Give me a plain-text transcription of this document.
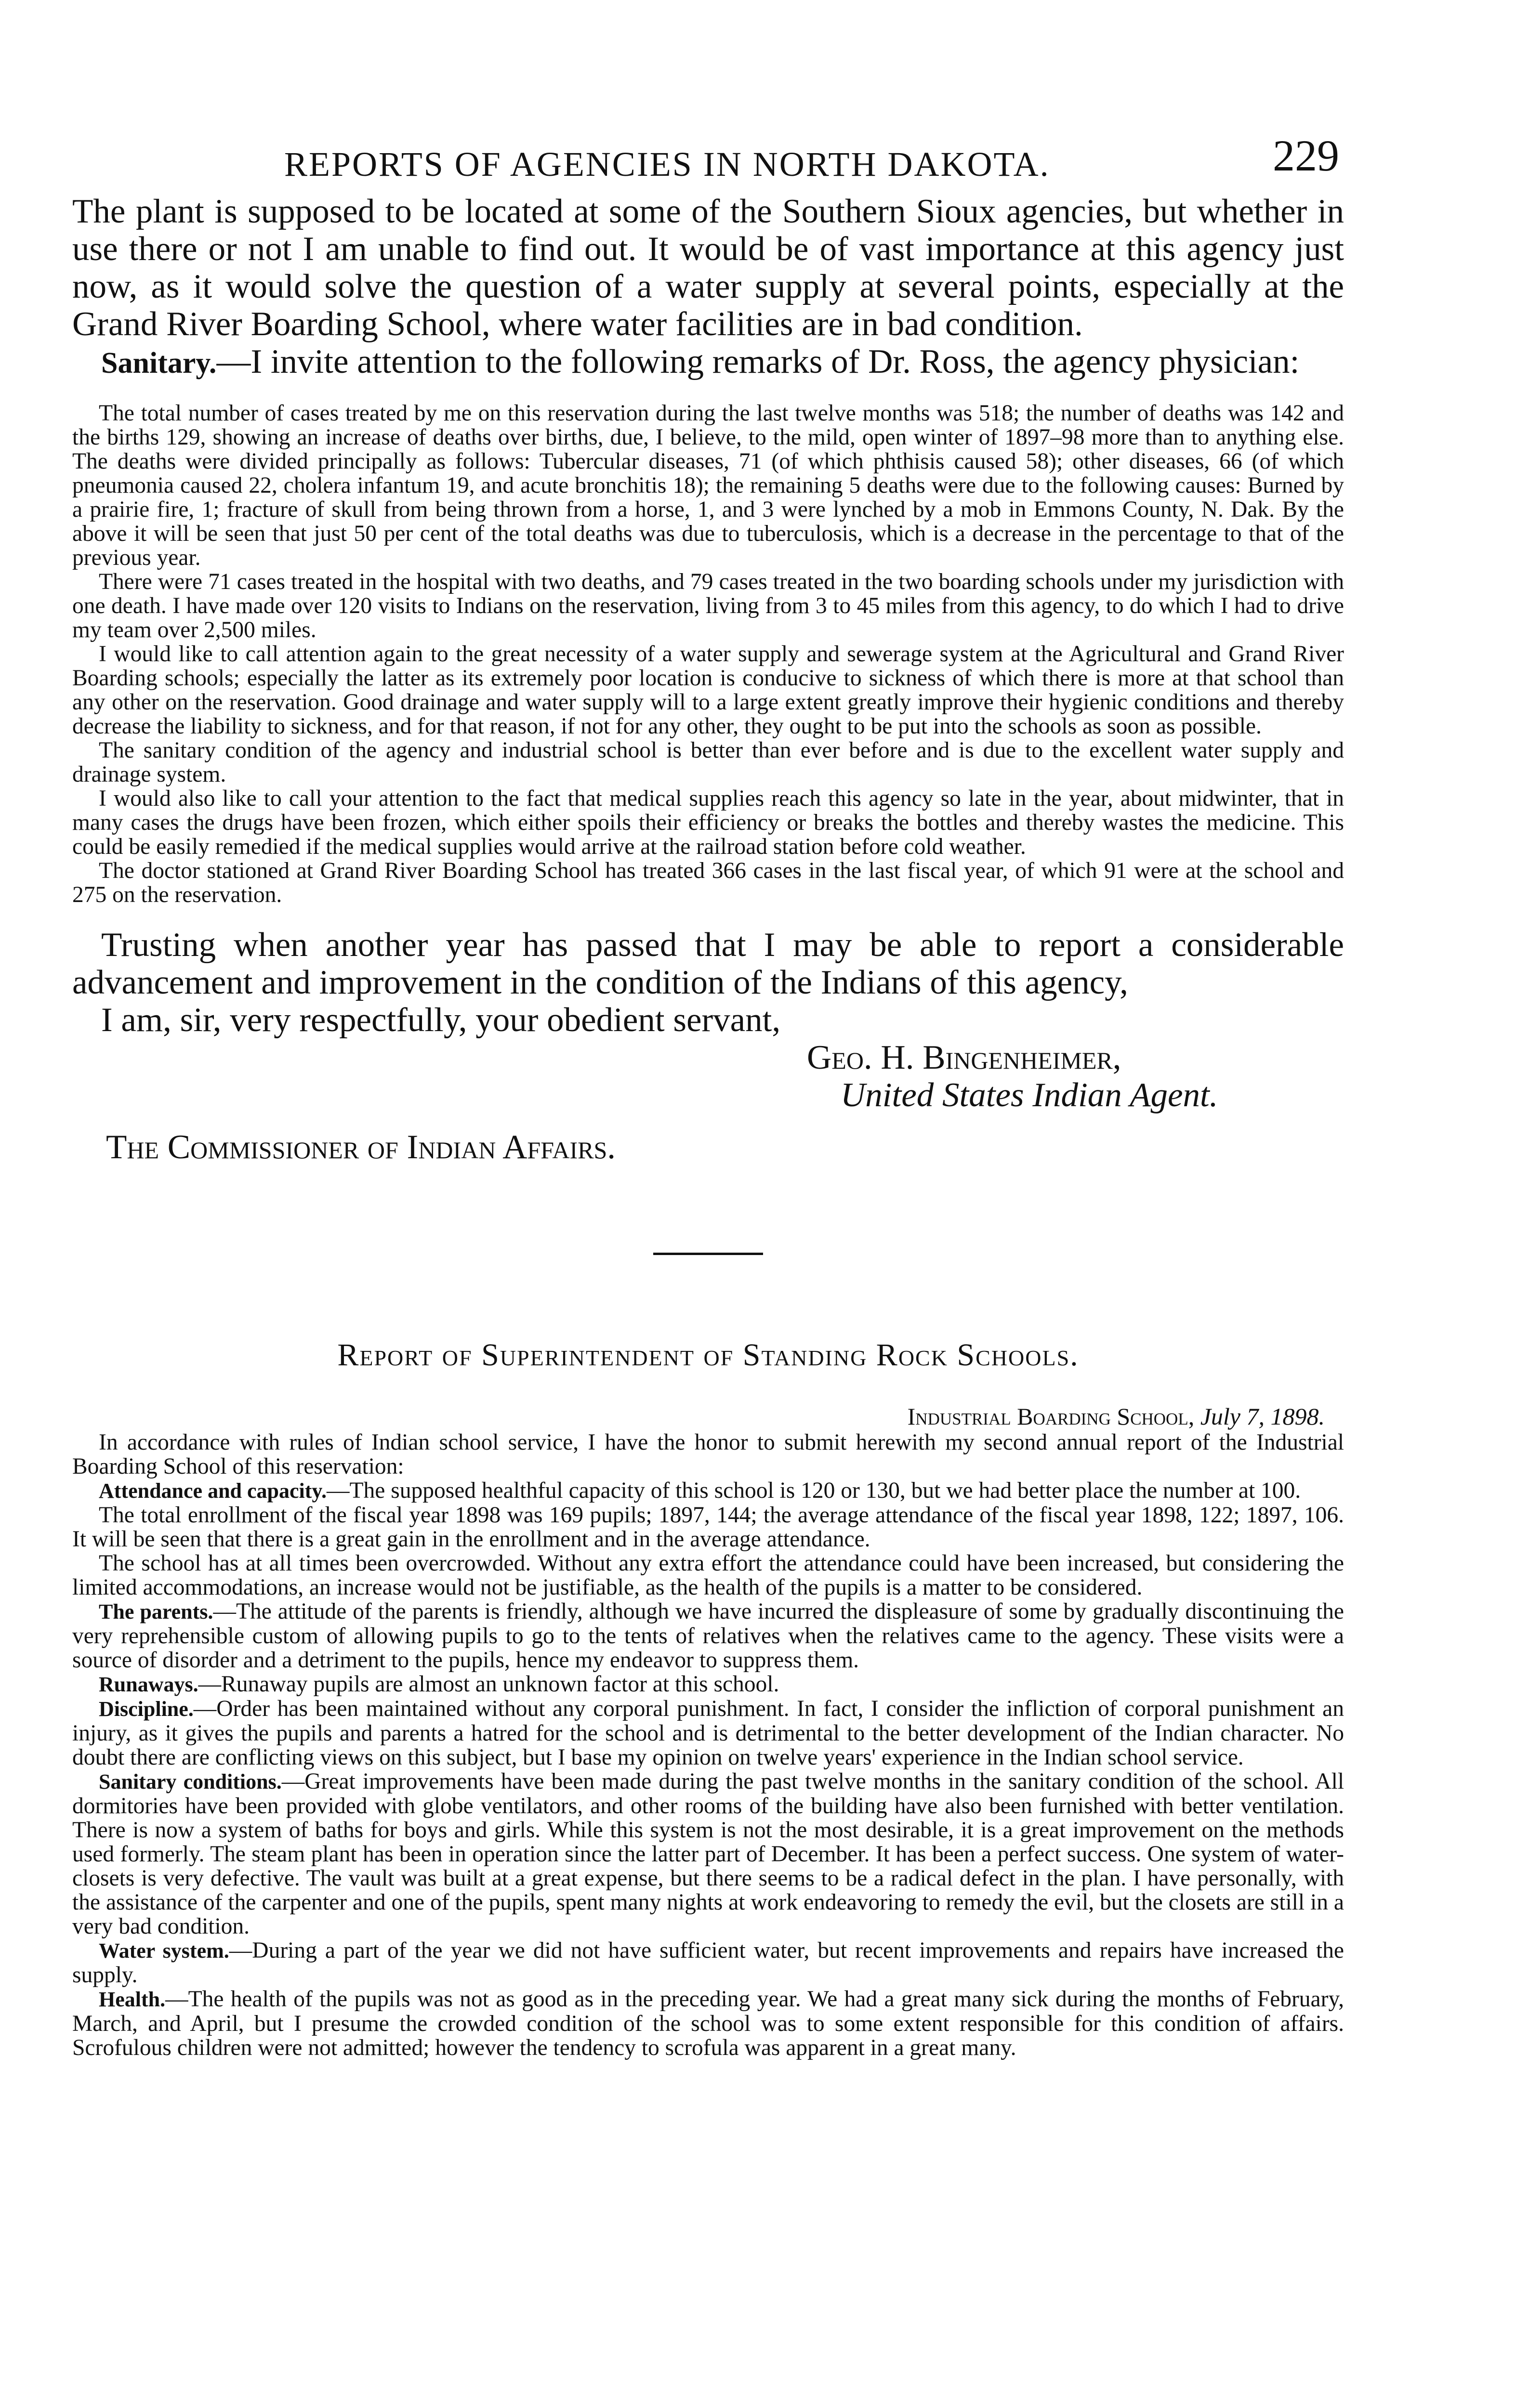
REPORTS OF AGENCIES IN NORTH DAKOTA.	229

The plant is supposed to be located at some of the Southern Sioux agencies, but whether in use there or not I am unable to find out. It would be of vast importance at this agency just now, as it would solve the question of a water supply at several points, especially at the Grand River Boarding School, where water facilities are in bad condition.

Sanitary.—I invite attention to the following remarks of Dr. Ross, the agency physician:

The total number of cases treated by me on this reservation during the last twelve months was 518; the number of deaths was 142 and the births 129, showing an increase of deaths over births, due, I believe, to the mild, open winter of 1897–98 more than to anything else. The deaths were divided principally as follows: Tubercular diseases, 71 (of which phthisis caused 58); other diseases, 66 (of which pneumonia caused 22, cholera infantum 19, and acute bronchitis 18); the remaining 5 deaths were due to the following causes: Burned by a prairie fire, 1; fracture of skull from being thrown from a horse, 1, and 3 were lynched by a mob in Emmons County, N. Dak. By the above it will be seen that just 50 per cent of the total deaths was due to tuberculosis, which is a decrease in the percentage to that of the previous year.

There were 71 cases treated in the hospital with two deaths, and 79 cases treated in the two boarding schools under my jurisdiction with one death. I have made over 120 visits to Indians on the reservation, living from 3 to 45 miles from this agency, to do which I had to drive my team over 2,500 miles.

I would like to call attention again to the great necessity of a water supply and sewerage system at the Agricultural and Grand River Boarding schools; especially the latter as its extremely poor location is conducive to sickness of which there is more at that school than any other on the reservation. Good drainage and water supply will to a large extent greatly improve their hygienic conditions and thereby decrease the liability to sickness, and for that reason, if not for any other, they ought to be put into the schools as soon as possible.

The sanitary condition of the agency and industrial school is better than ever before and is due to the excellent water supply and drainage system.

I would also like to call your attention to the fact that medical supplies reach this agency so late in the year, about midwinter, that in many cases the drugs have been frozen, which either spoils their efficiency or breaks the bottles and thereby wastes the medicine. This could be easily remedied if the medical supplies would arrive at the railroad station before cold weather.

The doctor stationed at Grand River Boarding School has treated 366 cases in the last fiscal year, of which 91 were at the school and 275 on the reservation.

Trusting when another year has passed that I may be able to report a considerable advancement and improvement in the condition of the Indians of this agency,

I am, sir, very respectfully, your obedient servant,

Geo. H. Bingenheimer,

United States Indian Agent.

The Commissioner of Indian Affairs.

Report of Superintendent of Standing Rock Schools.
Industrial Boarding School, July 7, 1898.

In accordance with rules of Indian school service, I have the honor to submit herewith my second annual report of the Industrial Boarding School of this reservation:

Attendance and capacity.—The supposed healthful capacity of this school is 120 or 130, but we had better place the number at 100.

The total enrollment of the fiscal year 1898 was 169 pupils; 1897, 144; the average attendance of the fiscal year 1898, 122; 1897, 106. It will be seen that there is a great gain in the enrollment and in the average attendance.

The school has at all times been overcrowded. Without any extra effort the attendance could have been increased, but considering the limited accommodations, an increase would not be justifiable, as the health of the pupils is a matter to be considered.

The parents.—The attitude of the parents is friendly, although we have incurred the displeasure of some by gradually discontinuing the very reprehensible custom of allowing pupils to go to the tents of relatives when the relatives came to the agency. These visits were a source of disorder and a detriment to the pupils, hence my endeavor to suppress them.

Runaways.—Runaway pupils are almost an unknown factor at this school.

Discipline.—Order has been maintained without any corporal punishment. In fact, I consider the infliction of corporal punishment an injury, as it gives the pupils and parents a hatred for the school and is detrimental to the better development of the Indian character. No doubt there are conflicting views on this subject, but I base my opinion on twelve years' experience in the Indian school service.

Sanitary conditions.—Great improvements have been made during the past twelve months in the sanitary condition of the school. All dormitories have been provided with globe ventilators, and other rooms of the building have also been furnished with better ventilation. There is now a system of baths for boys and girls. While this system is not the most desirable, it is a great improvement on the methods used formerly. The steam plant has been in operation since the latter part of December. It has been a perfect success. One system of water-closets is very defective. The vault was built at a great expense, but there seems to be a radical defect in the plan. I have personally, with the assistance of the carpenter and one of the pupils, spent many nights at work endeavoring to remedy the evil, but the closets are still in a very bad condition.

Water system.—During a part of the year we did not have sufficient water, but recent improvements and repairs have increased the supply.

Health.—The health of the pupils was not as good as in the preceding year. We had a great many sick during the months of February, March, and April, but I presume the crowded condition of the school was to some extent responsible for this condition of affairs. Scrofulous children were not admitted; however the tendency to scrofula was apparent in a great many.
